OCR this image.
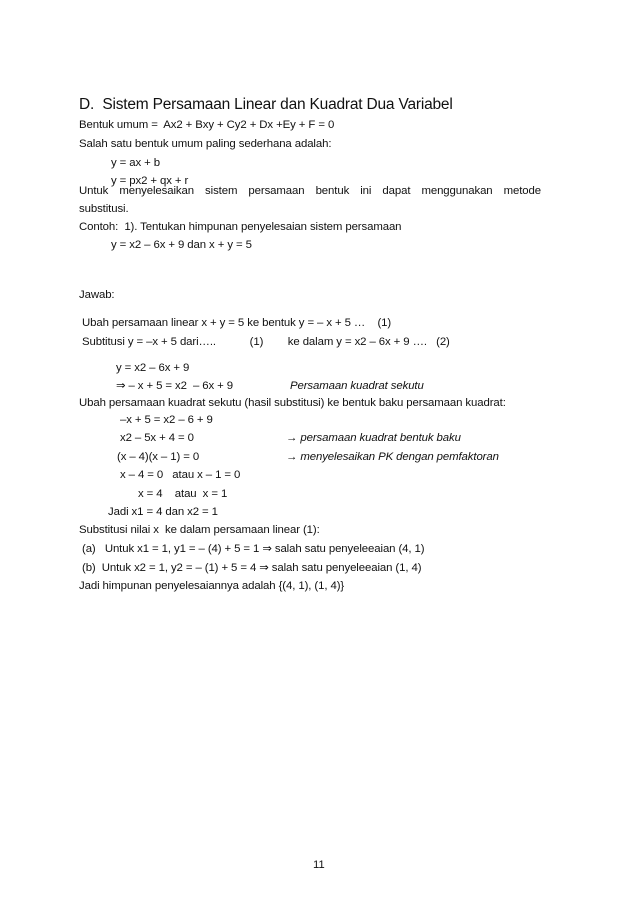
D.  Sistem Persamaan Linear dan Kuadrat Dua Variabel
Bentuk umum =  Ax2 + Bxy + Cy2 + Dx +Ey + F = 0
Salah satu bentuk umum paling sederhana adalah:
y = ax + b
y = px2 + qx + r
Untuk menyelesaikan sistem persamaan bentuk ini dapat menggunakan metode
substitusi.
Contoh:  1). Tentukan himpunan penyelesaian sistem persamaan
y = x2 – 6x + 9 dan x + y = 5
Jawab:
Ubah persamaan linear x + y = 5 ke bentuk y = – x + 5 …    (1)
Subtitusi y = –x + 5 dari…..           (1)        ke dalam y = x2 – 6x + 9 ….   (2)
y = x2 – 6x + 9
⇒ – x + 5 = x2  – 6x + 9	Persamaan kuadrat sekutu
Ubah persamaan kuadrat sekutu (hasil substitusi) ke bentuk baku persamaan kuadrat:
–x + 5 = x2 – 6 + 9
x2 – 5x + 4 = 0	→ persamaan kuadrat bentuk baku
(x – 4)(x – 1) = 0	→ menyelesaikan PK dengan pemfaktoran
x – 4 = 0   atau x – 1 = 0
x = 4    atau  x = 1
Jadi x1 = 4 dan x2 = 1
Substitusi nilai x  ke dalam persamaan linear (1):
(a)   Untuk x1 = 1, y1 = – (4) + 5 = 1 ⇒ salah satu penyeleeaian (4, 1)
(b)  Untuk x2 = 1, y2 = – (1) + 5 = 4 ⇒ salah satu penyeleeaian (1, 4)
Jadi himpunan penyelesaiannya adalah {(4, 1), (1, 4)}
11
